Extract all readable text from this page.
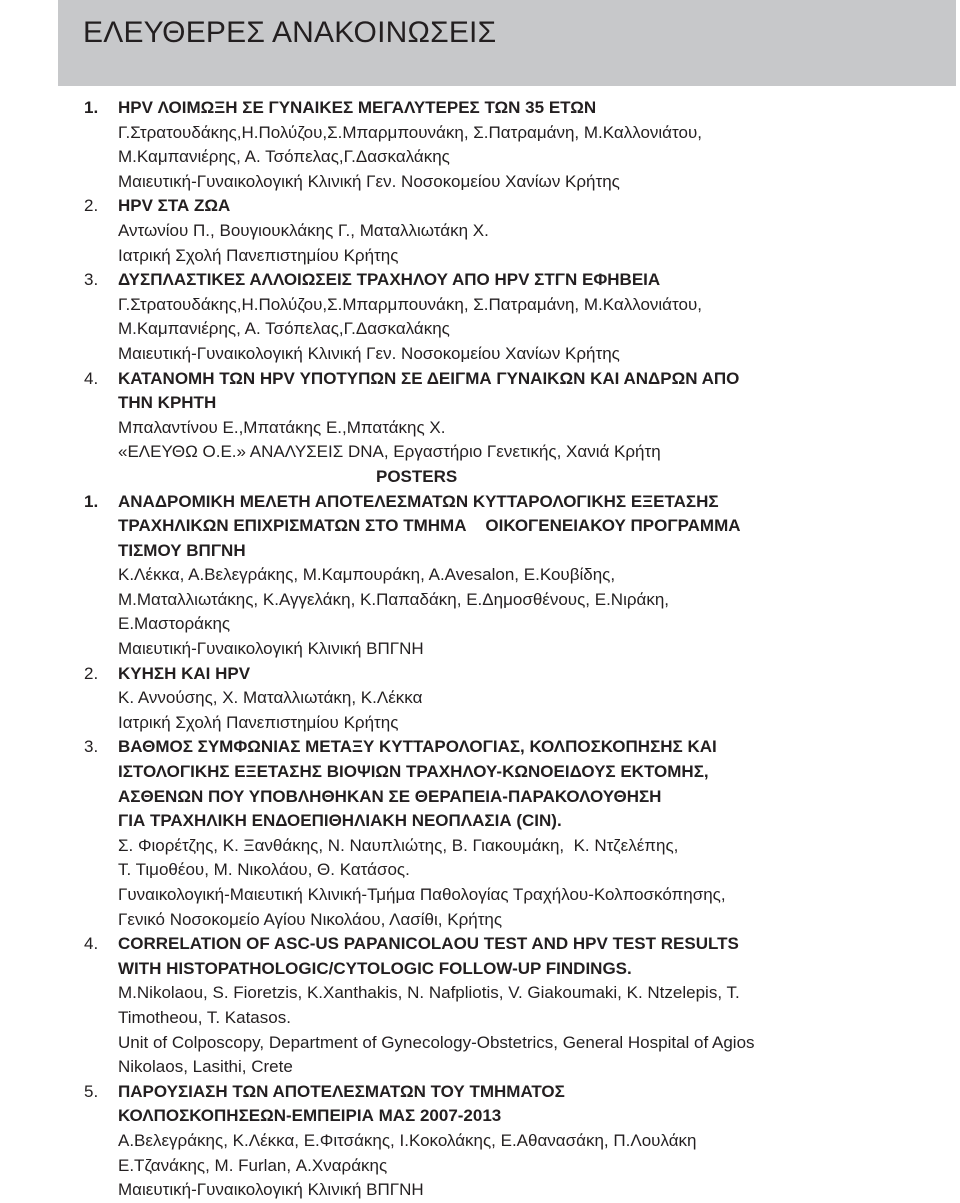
ΕΛΕΥΘΕΡΕΣ ΑΝΑΚΟΙΝΩΣΕΙΣ
1. HPV ΛΟΙΜΩΞΗ ΣΕ ΓΥΝΑΙΚΕΣ ΜΕΓΑΛΥΤΕΡΕΣ ΤΩΝ 35 ΕΤΩΝ
Γ.Στρατουδάκης,Η.Πολύζου,Σ.Μπαρμπουνάκη, Σ.Πατραμάνη, Μ.Καλλονιάτου,
Μ.Καμπανιέρης, Α. Τσόπελας,Γ.Δασκαλάκης
Μαιευτική-Γυναικολογική Κλινική Γεν. Νοσοκομείου Χανίων Κρήτης
2. HPV ΣΤΑ ΖΩΑ
Αντωνίου Π., Βουγιουκλάκης Γ., Ματαλλιωτάκη Χ.
Ιατρική Σχολή Πανεπιστημίου Κρήτης
3. ΔΥΣΠΛΑΣΤΙΚΕΣ ΑΛΛΟΙΩΣΕΙΣ ΤΡΑΧΗΛΟΥ ΑΠΟ HPV ΣΤΓΝ ΕΦΗΒΕΙΑ
Γ.Στρατουδάκης,Η.Πολύζου,Σ.Μπαρμπουνάκη, Σ.Πατραμάνη, Μ.Καλλονιάτου,
Μ.Καμπανιέρης, Α. Τσόπελας,Γ.Δασκαλάκης
Μαιευτική-Γυναικολογική Κλινική Γεν. Νοσοκομείου Χανίων Κρήτης
4. ΚΑΤΑΝΟΜΗ ΤΩΝ HPV ΥΠΟΤΥΠΩΝ ΣΕ ΔΕΙΓΜΑ ΓΥΝΑΙΚΩΝ ΚΑΙ ΑΝΔΡΩΝ ΑΠΟ
ΤΗΝ ΚΡΗΤΗ
Μπαλαντίνου Ε.,Μπατάκης Ε.,Μπατάκης Χ.
«ΕΛΕΥΘΩ Ο.Ε.» ΑΝΑΛΥΣΕΙΣ DNA, Εργαστήριο Γενετικής, Χανιά Κρήτη
POSTERS
1. ΑΝΑΔΡΟΜΙΚΗ ΜΕΛΕΤΗ ΑΠΟΤΕΛΕΣΜΑΤΩΝ ΚΥΤΤΑΡΟΛΟΓΙΚΗΣ ΕΞΕΤΑΣΗΣ
ΤΡΑΧΗΛΙΚΩΝ ΕΠΙΧΡΙΣΜΑΤΩΝ ΣΤΟ ΤΜΗΜΑ    ΟΙΚΟΓΕΝΕΙΑΚΟΥ ΠΡΟΓΡΑΜΜΑ
ΤΙΣΜΟΥ ΒΠΓΝΗ
Κ.Λέκκα, Α.Βελεγράκης, Μ.Καμπουράκη, Α.Avesalon, Ε.Κουβίδης,
Μ.Ματαλλιωτάκης, Κ.Αγγελάκη, Κ.Παπαδάκη, Ε.Δημοσθένους, Ε.Νιράκη,
Ε.Μαστοράκης
Μαιευτική-Γυναικολογική Κλινική ΒΠΓΝΗ
2. ΚΥΗΣΗ ΚΑΙ HPV
Κ. Αννούσης, Χ. Ματαλλιωτάκη, Κ.Λέκκα
Ιατρική Σχολή Πανεπιστημίου Κρήτης
3. ΒΑΘΜΟΣ ΣΥΜΦΩΝΙΑΣ ΜΕΤΑΞΥ ΚΥΤΤΑΡΟΛΟΓΙΑΣ, ΚΟΛΠΟΣΚΟΠΗΣΗΣ ΚΑΙ
ΙΣΤΟΛΟΓΙΚΗΣ ΕΞΕΤΑΣΗΣ ΒΙΟΨΙΩΝ ΤΡΑΧΗΛΟΥ-ΚΩΝΟΕΙΔΟΥΣ ΕΚΤΟΜΗΣ,
ΑΣΘΕΝΩΝ ΠΟΥ ΥΠΟΒΛΗΘΗΚΑΝ ΣΕ ΘΕΡΑΠΕΙΑ-ΠΑΡΑΚΟΛΟΥΘΗΣΗ
ΓΙΑ ΤΡΑΧΗΛΙΚΗ ΕΝΔΟΕΠΙΘΗΛΙΑΚΗ ΝΕΟΠΛΑΣΙΑ (CIN).
Σ. Φιορέτζης, Κ. Ξανθάκης, Ν. Ναυπλιώτης, Β. Γιακουμάκη,  Κ. Ντζελέπης,
Τ. Τιμοθέου, Μ. Νικολάου, Θ. Κατάσος.
Γυναικολογική-Μαιευτική Κλινική-Τμήμα Παθολογίας Τραχήλου-Κολποσκόπησης,
Γενικό Νοσοκομείο Αγίου Νικολάου, Λασίθι, Κρήτης
4. CORRELATION OF ASC-US PAPANICOLAOU TEST AND HPV TEST RESULTS
WITH HISTOPATHOLOGIC/CYTOLOGIC FOLLOW-UP FINDINGS.
M.Nikolaou, S. Fioretzis, K.Xanthakis, N. Nafpliotis, V. Giakoumaki, K. Ntzelepis, T.
Timotheou, T. Katasos.
Unit of Colposcopy, Department of Gynecology-Obstetrics, General Hospital of Agios
Nikolaos, Lasithi, Crete
5. ΠΑΡΟΥΣΙΑΣΗ ΤΩΝ ΑΠΟΤΕΛΕΣΜΑΤΩΝ ΤΟΥ ΤΜΗΜΑΤΟΣ
ΚΟΛΠΟΣΚΟΠΗΣΕΩΝ-ΕΜΠΕΙΡΙΑ ΜΑΣ 2007-2013
Α.Βελεγράκης, Κ.Λέκκα, Ε.Φιτσάκης, Ι.Κοκολάκης, Ε.Αθανασάκη, Π.Λουλάκη
Ε.Τζανάκης, Μ. Furlan, Α.Χναράκης
Μαιευτική-Γυναικολογική Κλινική ΒΠΓΝΗ
